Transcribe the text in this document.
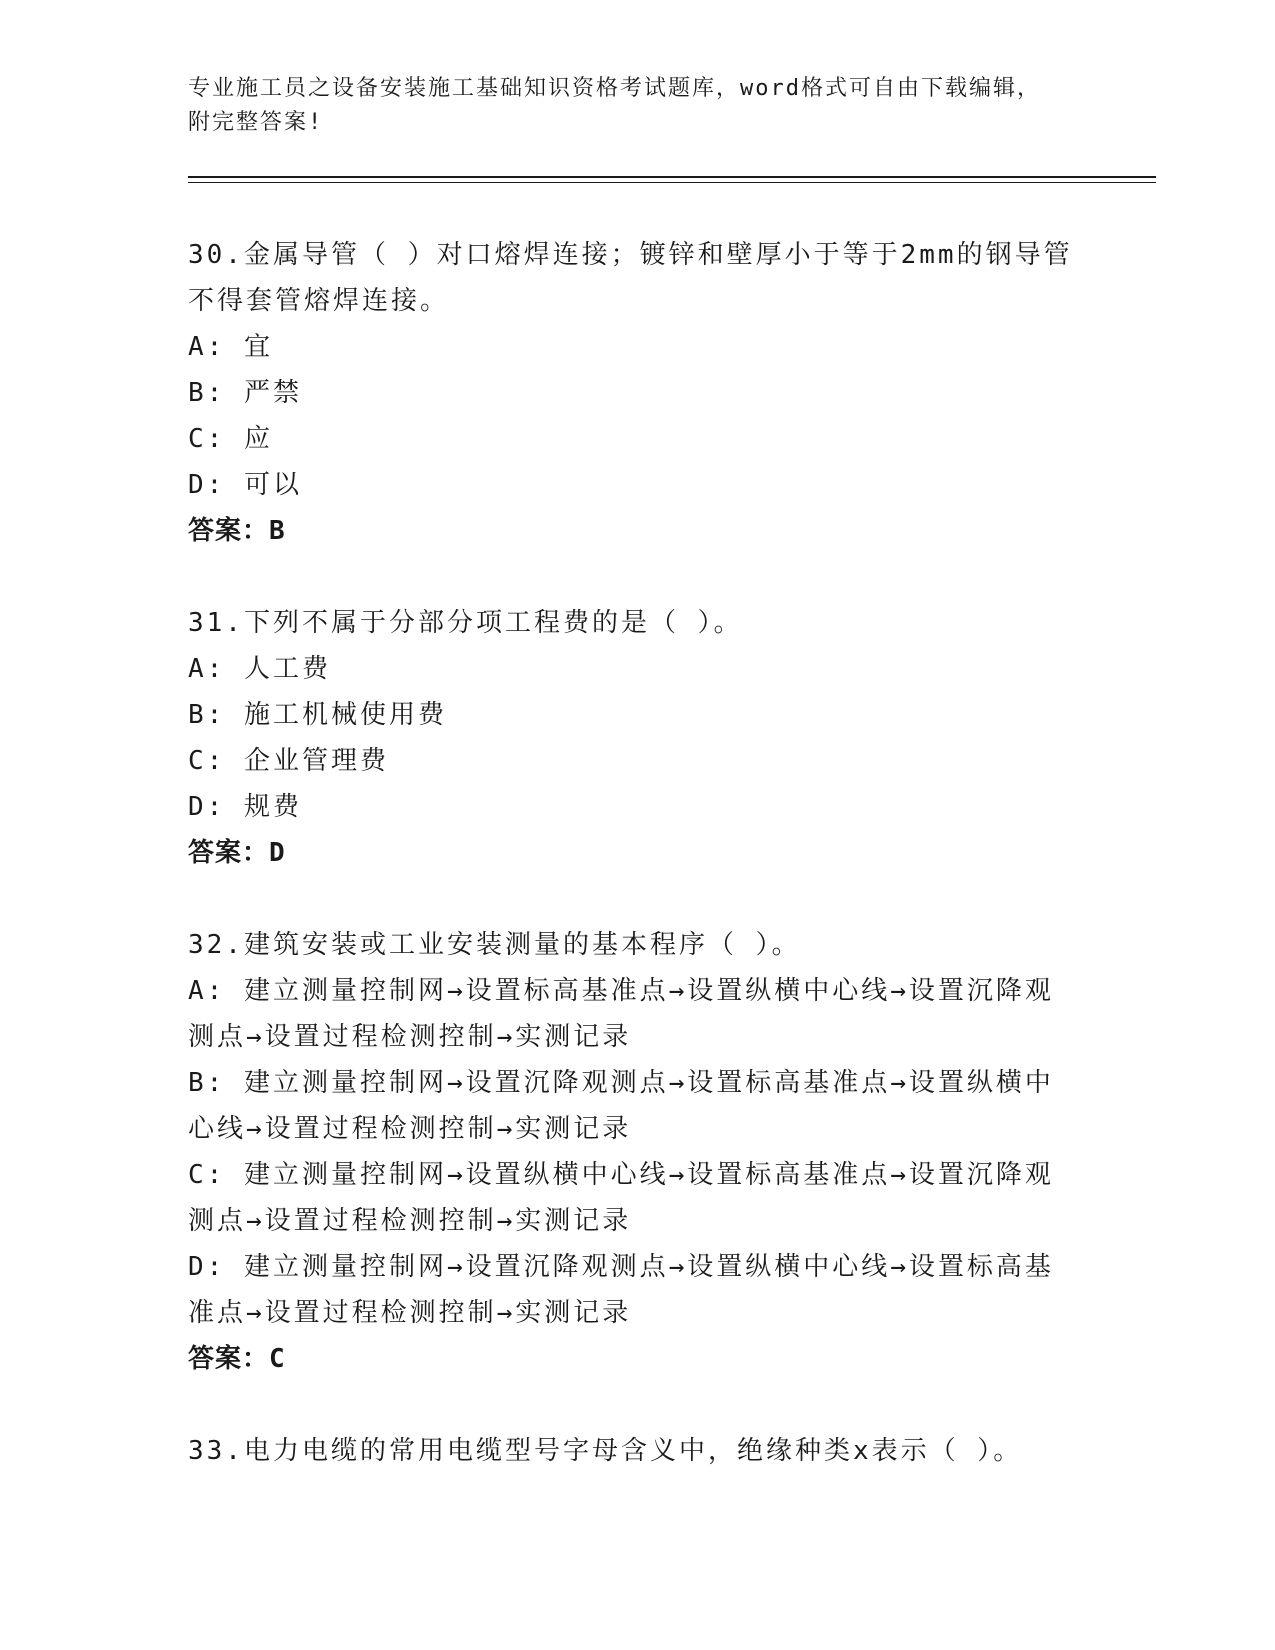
专业施工员之设备安装施工基础知识资格考试题库，word格式可自由下载编辑，
附完整答案!
30.金属导管（ ）对口熔焊连接；镀锌和壁厚小于等于2mm的钢导管不得套管熔焊连接。
A: 宜
B: 严禁
C: 应
D: 可以
答案：B
31.下列不属于分部分项工程费的是（ ）。
A: 人工费
B: 施工机械使用费
C: 企业管理费
D: 规费
答案：D
32.建筑安装或工业安装测量的基本程序（ ）。
A: 建立测量控制网→设置标高基准点→设置纵横中心线→设置沉降观测点→设置过程检测控制→实测记录
B: 建立测量控制网→设置沉降观测点→设置标高基准点→设置纵横中心线→设置过程检测控制→实测记录
C: 建立测量控制网→设置纵横中心线→设置标高基准点→设置沉降观测点→设置过程检测控制→实测记录
D: 建立测量控制网→设置沉降观测点→设置纵横中心线→设置标高基准点→设置过程检测控制→实测记录
答案：C
33.电力电缆的常用电缆型号字母含义中，绝缘种类x表示（ ）。
